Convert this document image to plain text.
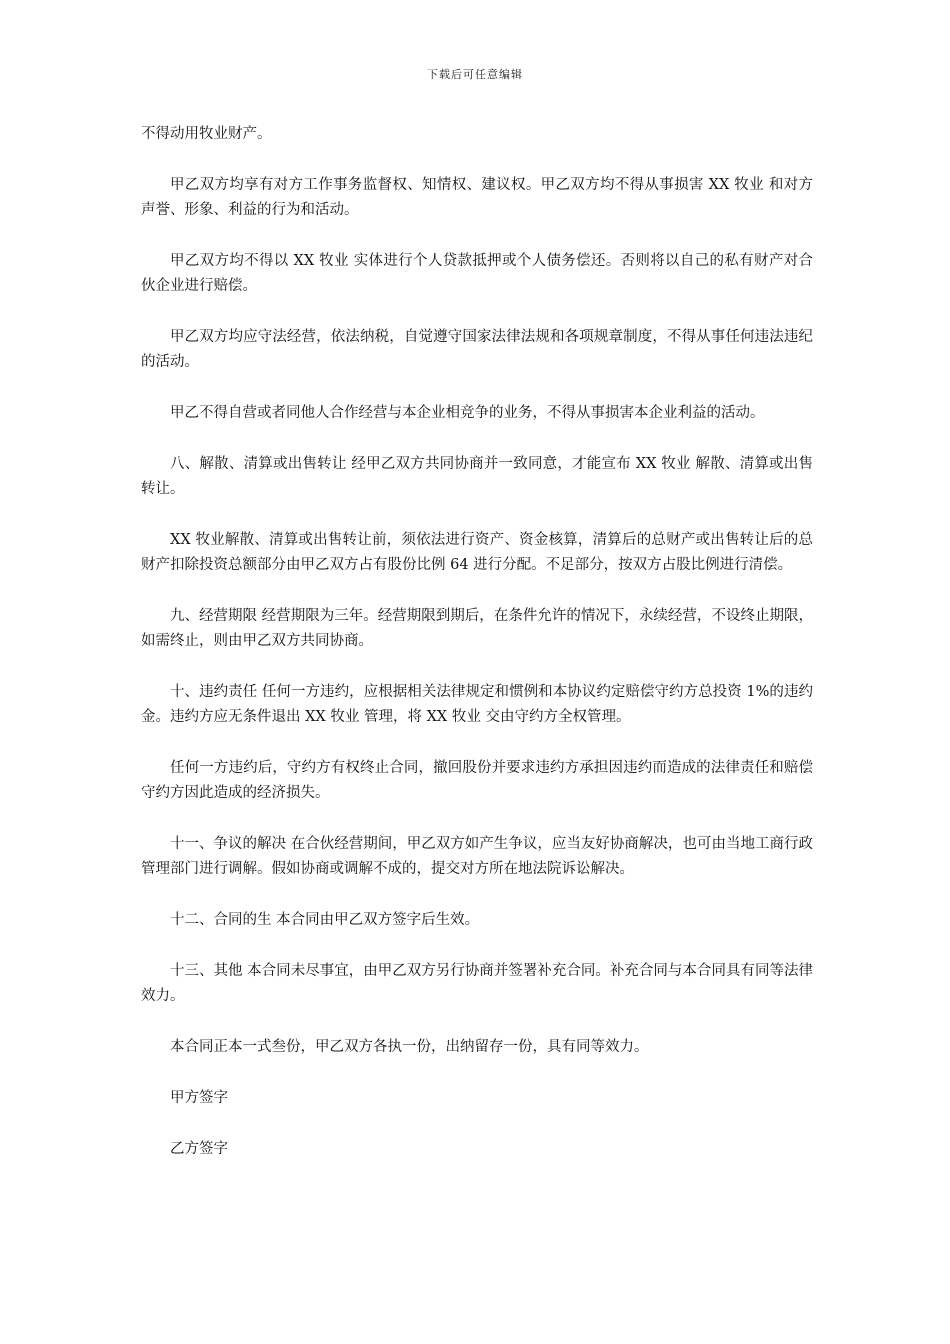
下载后可任意编辑

不得动用牧业财产。

甲乙双方均享有对方工作事务监督权、知情权、建议权。甲乙双方均不得从事损害 XX 牧业 和对方声誉、形象、利益的行为和活动。

甲乙双方均不得以 XX 牧业 实体进行个人贷款抵押或个人债务偿还。否则将以自己的私有财产对合伙企业进行赔偿。

甲乙双方均应守法经营，依法纳税，自觉遵守国家法律法规和各项规章制度，不得从事任何违法违纪的活动。

甲乙不得自营或者同他人合作经营与本企业相竞争的业务，不得从事损害本企业利益的活动。

八、解散、清算或出售转让 经甲乙双方共同协商并一致同意，才能宣布 XX 牧业 解散、清算或出售转让。

XX 牧业解散、清算或出售转让前，须依法进行资产、资金核算，清算后的总财产或出售转让后的总财产扣除投资总额部分由甲乙双方占有股份比例 64 进行分配。不足部分，按双方占股比例进行清偿。

九、经营期限 经营期限为三年。经营期限到期后，在条件允许的情况下，永续经营，不设终止期限，如需终止，则由甲乙双方共同协商。

十、违约责任 任何一方违约，应根据相关法律规定和惯例和本协议约定赔偿守约方总投资 1%的违约金。违约方应无条件退出 XX 牧业 管理，将 XX 牧业 交由守约方全权管理。

任何一方违约后，守约方有权终止合同，撤回股份并要求违约方承担因违约而造成的法律责任和赔偿守约方因此造成的经济损失。

十一、争议的解决 在合伙经营期间，甲乙双方如产生争议，应当友好协商解决，也可由当地工商行政管理部门进行调解。假如协商或调解不成的，提交对方所在地法院诉讼解决。

十二、合同的生 本合同由甲乙双方签字后生效。

十三、其他 本合同未尽事宜，由甲乙双方另行协商并签署补充合同。补充合同与本合同具有同等法律效力。

本合同正本一式叁份，甲乙双方各执一份，出纳留存一份，具有同等效力。

甲方签字

乙方签字
